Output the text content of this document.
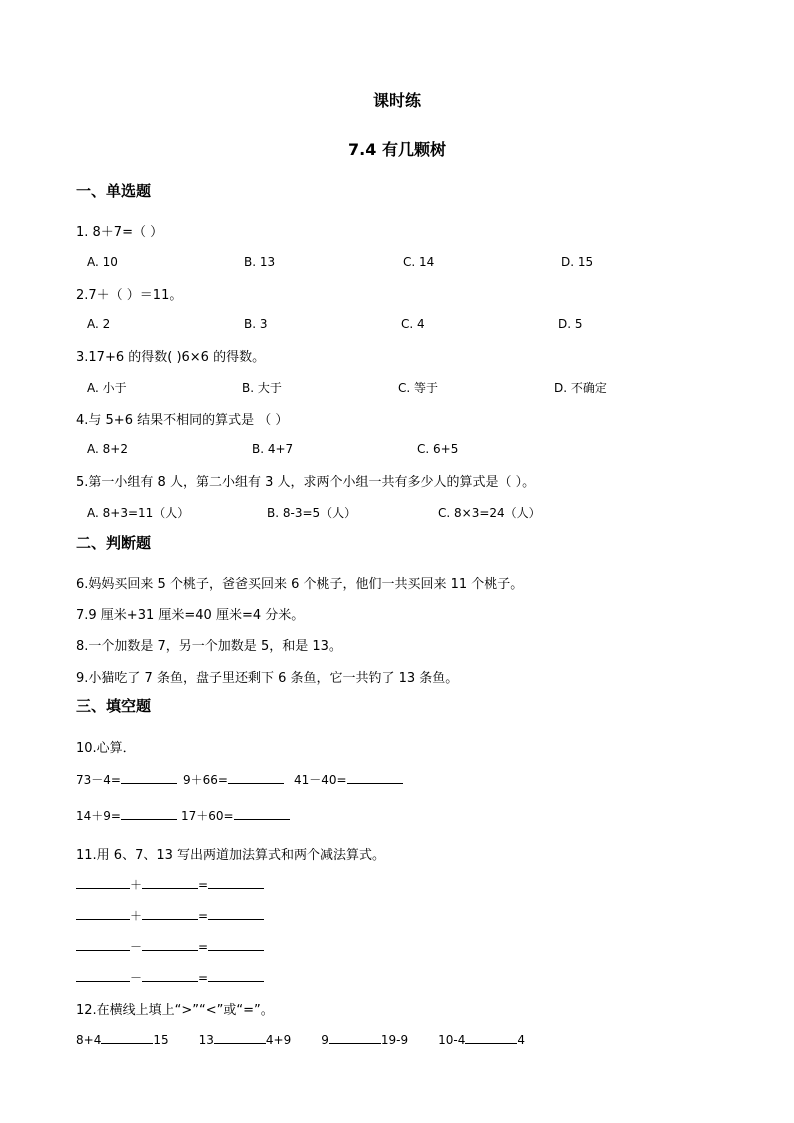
课时练
7.4 有几颗树
一、单选题
1. 8＋7=（ ）
A. 10	B. 13	C. 14	D. 15
2.7＋（ ）＝11。
A. 2	B. 3	C. 4	D. 5
3.17+6 的得数( )6×6 的得数。
A. 小于	B. 大于	C. 等于	D. 不确定
4.与 5+6 结果不相同的算式是 （ ）
A. 8+2	B. 4+7	C. 6+5
5.第一小组有 8 人，第二小组有 3 人，求两个小组一共有多少人的算式是（ ）。
A. 8+3=11（人）	B. 8-3=5（人）	C. 8×3=24（人）
二、判断题
6.妈妈买回来 5 个桃子，爸爸买回来 6 个桃子，他们一共买回来 11 个桃子。
7.9 厘米+31 厘米=40 厘米=4 分米。
8.一个加数是 7，另一个加数是 5，和是 13。
9.小猫吃了 7 条鱼，盘子里还剩下 6 条鱼，它一共钓了 13 条鱼。
三、填空题
10.心算．
73－4=	9＋66=	41－40=
14＋9=	17＋60=
11.用 6、7、13 写出两道加法算式和两个减法算式。
＋	=
＋	=
－	=
－	=
12.在横线上填上“>”“<”或“=”。
8+4	15	13	4+9	9	19-9	10-4	4
